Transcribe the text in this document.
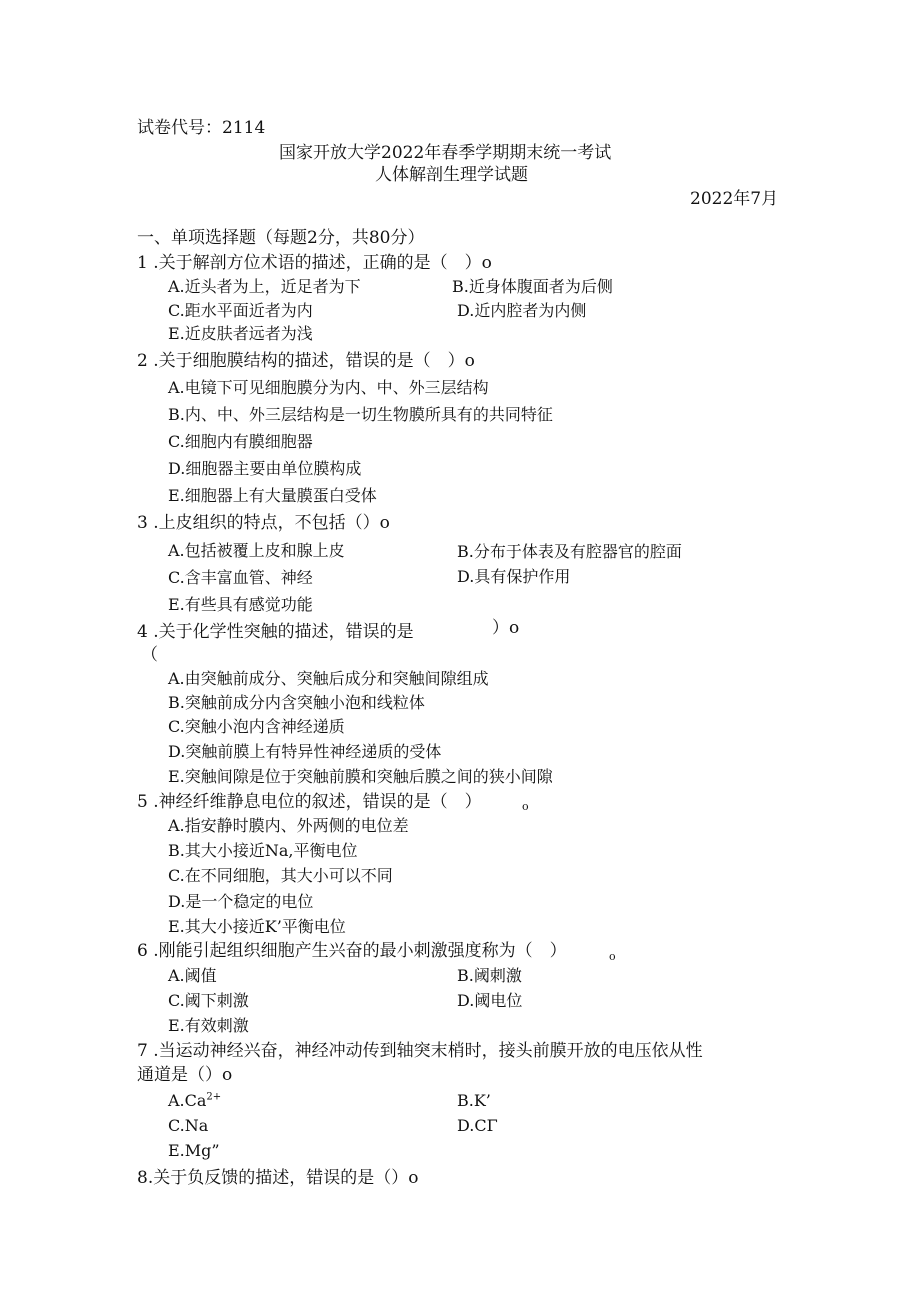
试卷代号：2114
国家开放大学2022年春季学期期末统一考试
人体解剖生理学试题
2022年7月
一、单项选择题（每题2分，共80分）
1 .关于解剖方位术语的描述，正确的是（　）o
A.近头者为上，近足者为下	B.近身体腹面者为后侧
C.距水平面近者为内	D.近内腔者为内侧
E.近皮肤者远者为浅
2 .关于细胞膜结构的描述，错误的是（　）o
A.电镜下可见细胞膜分为内、中、外三层结构
B.内、中、外三层结构是一切生物膜所具有的共同特征
C.细胞内有膜细胞器
D.细胞器主要由单位膜构成
E.细胞器上有大量膜蛋白受体
3 .上皮组织的特点，不包括（）o
A.包括被覆上皮和腺上皮	B.分布于体表及有腔器官的腔面
C.含丰富血管、神经	D.具有保护作用
E.有些具有感觉功能
4 .关于化学性突触的描述，错误的是	）o
（
A.由突触前成分、突触后成分和突触间隙组成
B.突触前成分内含突触小泡和线粒体
C.突触小泡内含神经递质
D.突触前膜上有特异性神经递质的受体
E.突触间隙是位于突触前膜和突触后膜之间的狭小间隙
5 .神经纤维静息电位的叙述，错误的是（　）	o
A.指安静时膜内、外两侧的电位差
B.其大小接近Na,平衡电位
C.在不同细胞，其大小可以不同
D.是一个稳定的电位
E.其大小接近K’平衡电位
6 .刚能引起组织细胞产生兴奋的最小刺激强度称为（　）	o
A.阈值	B.阈刺激
C.阈下刺激	D.阈电位
E.有效刺激
7 .当运动神经兴奋，神经冲动传到轴突末梢时，接头前膜开放的电压依从性
通道是（）o
$A.Ca^{2+}$	B.K’
C.Na	D.CΓ
E.Mg”
8.关于负反馈的描述，错误的是（）o
